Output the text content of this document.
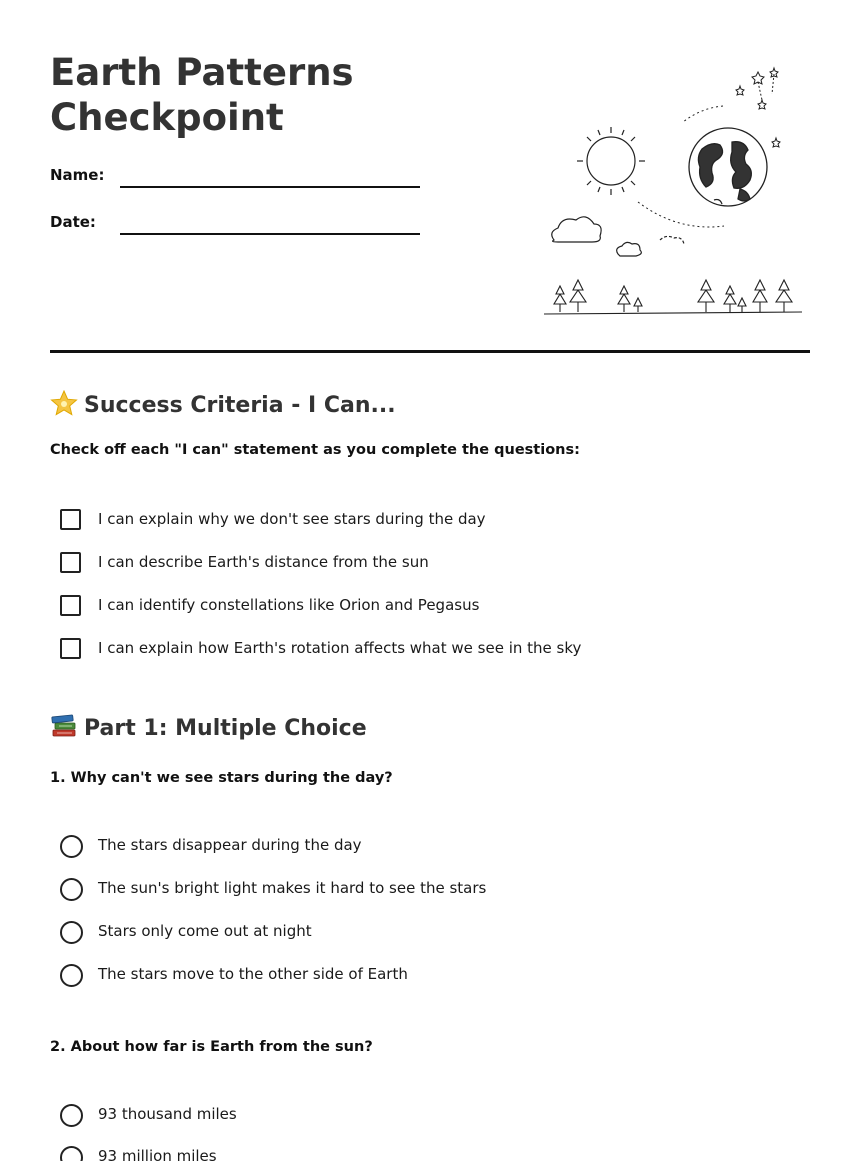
Earth Patterns
Checkpoint
Name:
Date:
Success Criteria - I Can...

Check off each "I can" statement as you complete the questions:

I can explain why we don't see stars during the day
I can describe Earth's distance from the sun
I can identify constellations like Orion and Pegasus
I can explain how Earth's rotation affects what we see in the sky
Part 1: Multiple Choice

1. Why can't we see stars during the day?

The stars disappear during the day
The sun's bright light makes it hard to see the stars
Stars only come out at night
The stars move to the other side of Earth

2. About how far is Earth from the sun?

93 thousand miles
93 million miles
